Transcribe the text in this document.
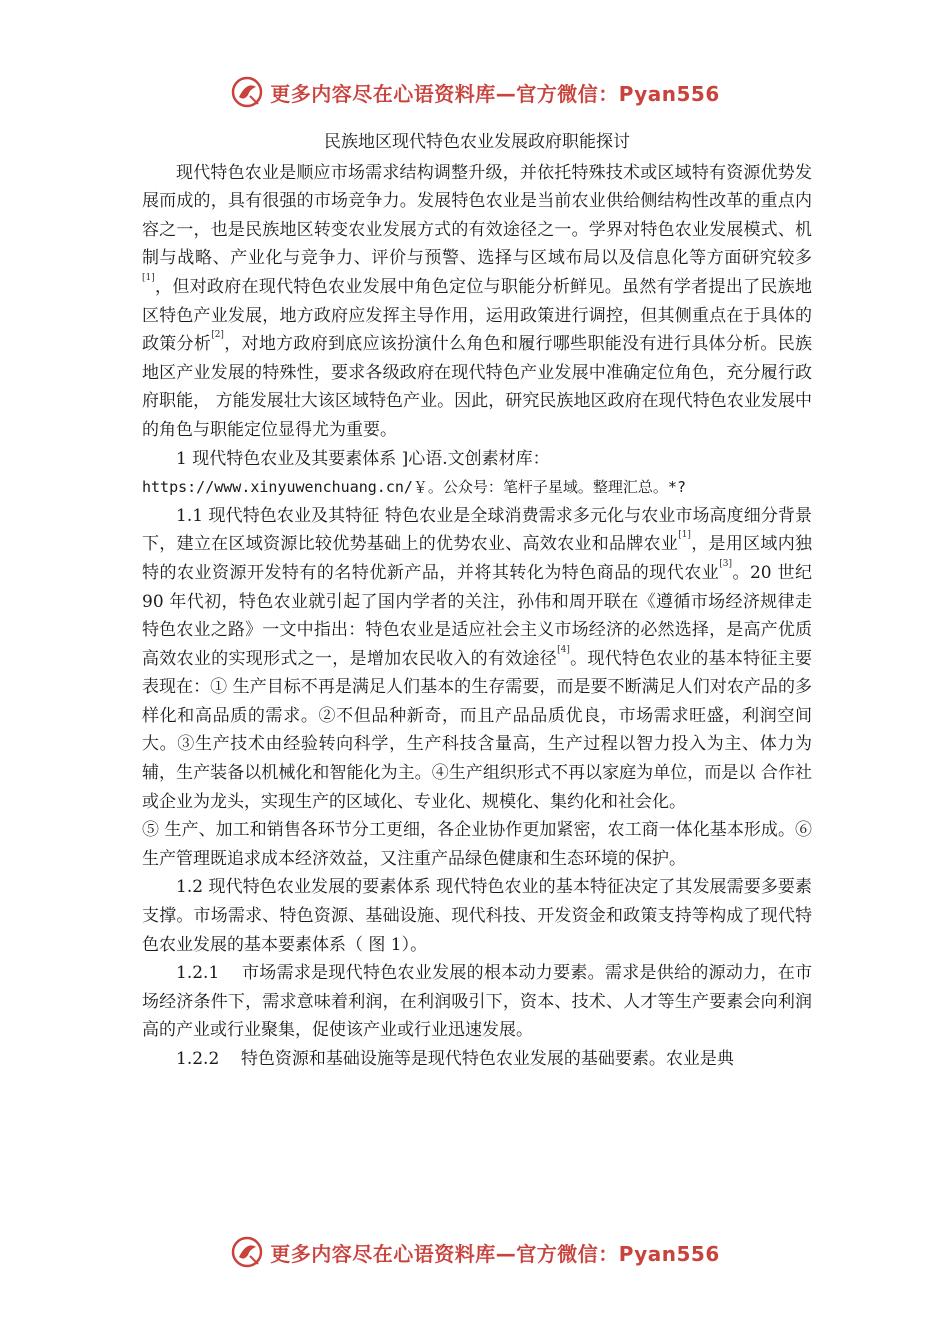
更多内容尽在心语资料库—官方微信：Pyan556
民族地区现代特色农业发展政府职能探讨

现代特色农业是顺应市场需求结构调整升级，并依托特殊技术或区域特有资源优势发展而成的，具有很强的市场竞争力。发展特色农业是当前农业供给侧结构性改革的重点内容之一，也是民族地区转变农业发展方式的有效途径之一。学界对特色农业发展模式、机制与战略、产业化与竞争力、评价与预警、选择与区域布局以及信息化等方面研究较多[1]，但对政府在现代特色农业发展中角色定位与职能分析鲜见。虽然有学者提出了民族地区特色产业发展，地方政府应发挥主导作用，运用政策进行调控，但其侧重点在于具体的政策分析[2]，对地方政府到底应该扮演什么角色和履行哪些职能没有进行具体分析。民族地区产业发展的特殊性，要求各级政府在现代特色产业发展中准确定位角色，充分履行政府职能， 方能发展壮大该区域特色产业。因此，研究民族地区政府在现代特色农业发展中的角色与职能定位显得尤为重要。

1 现代特色农业及其要素体系 ]心语.文创素材库：

https://www.xinyuwenchuang.cn/￥。公众号：笔杆子星域。整理汇总。*?

1.1 现代特色农业及其特征 特色农业是全球消费需求多元化与农业市场高度细分背景下，建立在区域资源比较优势基础上的优势农业、高效农业和品牌农业[1]，是用区域内独特的农业资源开发特有的名特优新产品，并将其转化为特色商品的现代农业[3]。20 世纪 90 年代初，特色农业就引起了国内学者的关注，孙伟和周开联在《遵循市场经济规律走特色农业之路》一文中指出：特色农业是适应社会主义市场经济的必然选择，是高产优质高效农业的实现形式之一，是增加农民收入的有效途径[4]。现代特色农业的基本特征主要表现在：① 生产目标不再是满足人们基本的生存需要，而是要不断满足人们对农产品的多样化和高品质的需求。②不但品种新奇，而且产品品质优良，市场需求旺盛，利润空间大。③生产技术由经验转向科学，生产科技含量高，生产过程以智力投入为主、体力为辅，生产装备以机械化和智能化为主。④生产组织形式不再以家庭为单位，而是以 合作社或企业为龙头，实现生产的区域化、专业化、规模化、集约化和社会化。

⑤ 生产、加工和销售各环节分工更细，各企业协作更加紧密，农工商一体化基本形成。⑥生产管理既追求成本经济效益，又注重产品绿色健康和生态环境的保护。

1.2 现代特色农业发展的要素体系 现代特色农业的基本特征决定了其发展需要多要素支撑。市场需求、特色资源、基础设施、现代科技、开发资金和政策支持等构成了现代特色农业发展的基本要素体系（ 图 1）。

1.2.1 市场需求是现代特色农业发展的根本动力要素。需求是供给的源动力，在市场经济条件下，需求意味着利润，在利润吸引下，资本、技术、人才等生产要素会向利润高的产业或行业聚集，促使该产业或行业迅速发展。

1.2.2 特色资源和基础设施等是现代特色农业发展的基础要素。农业是典

更多内容尽在心语资料库—官方微信：Pyan556
